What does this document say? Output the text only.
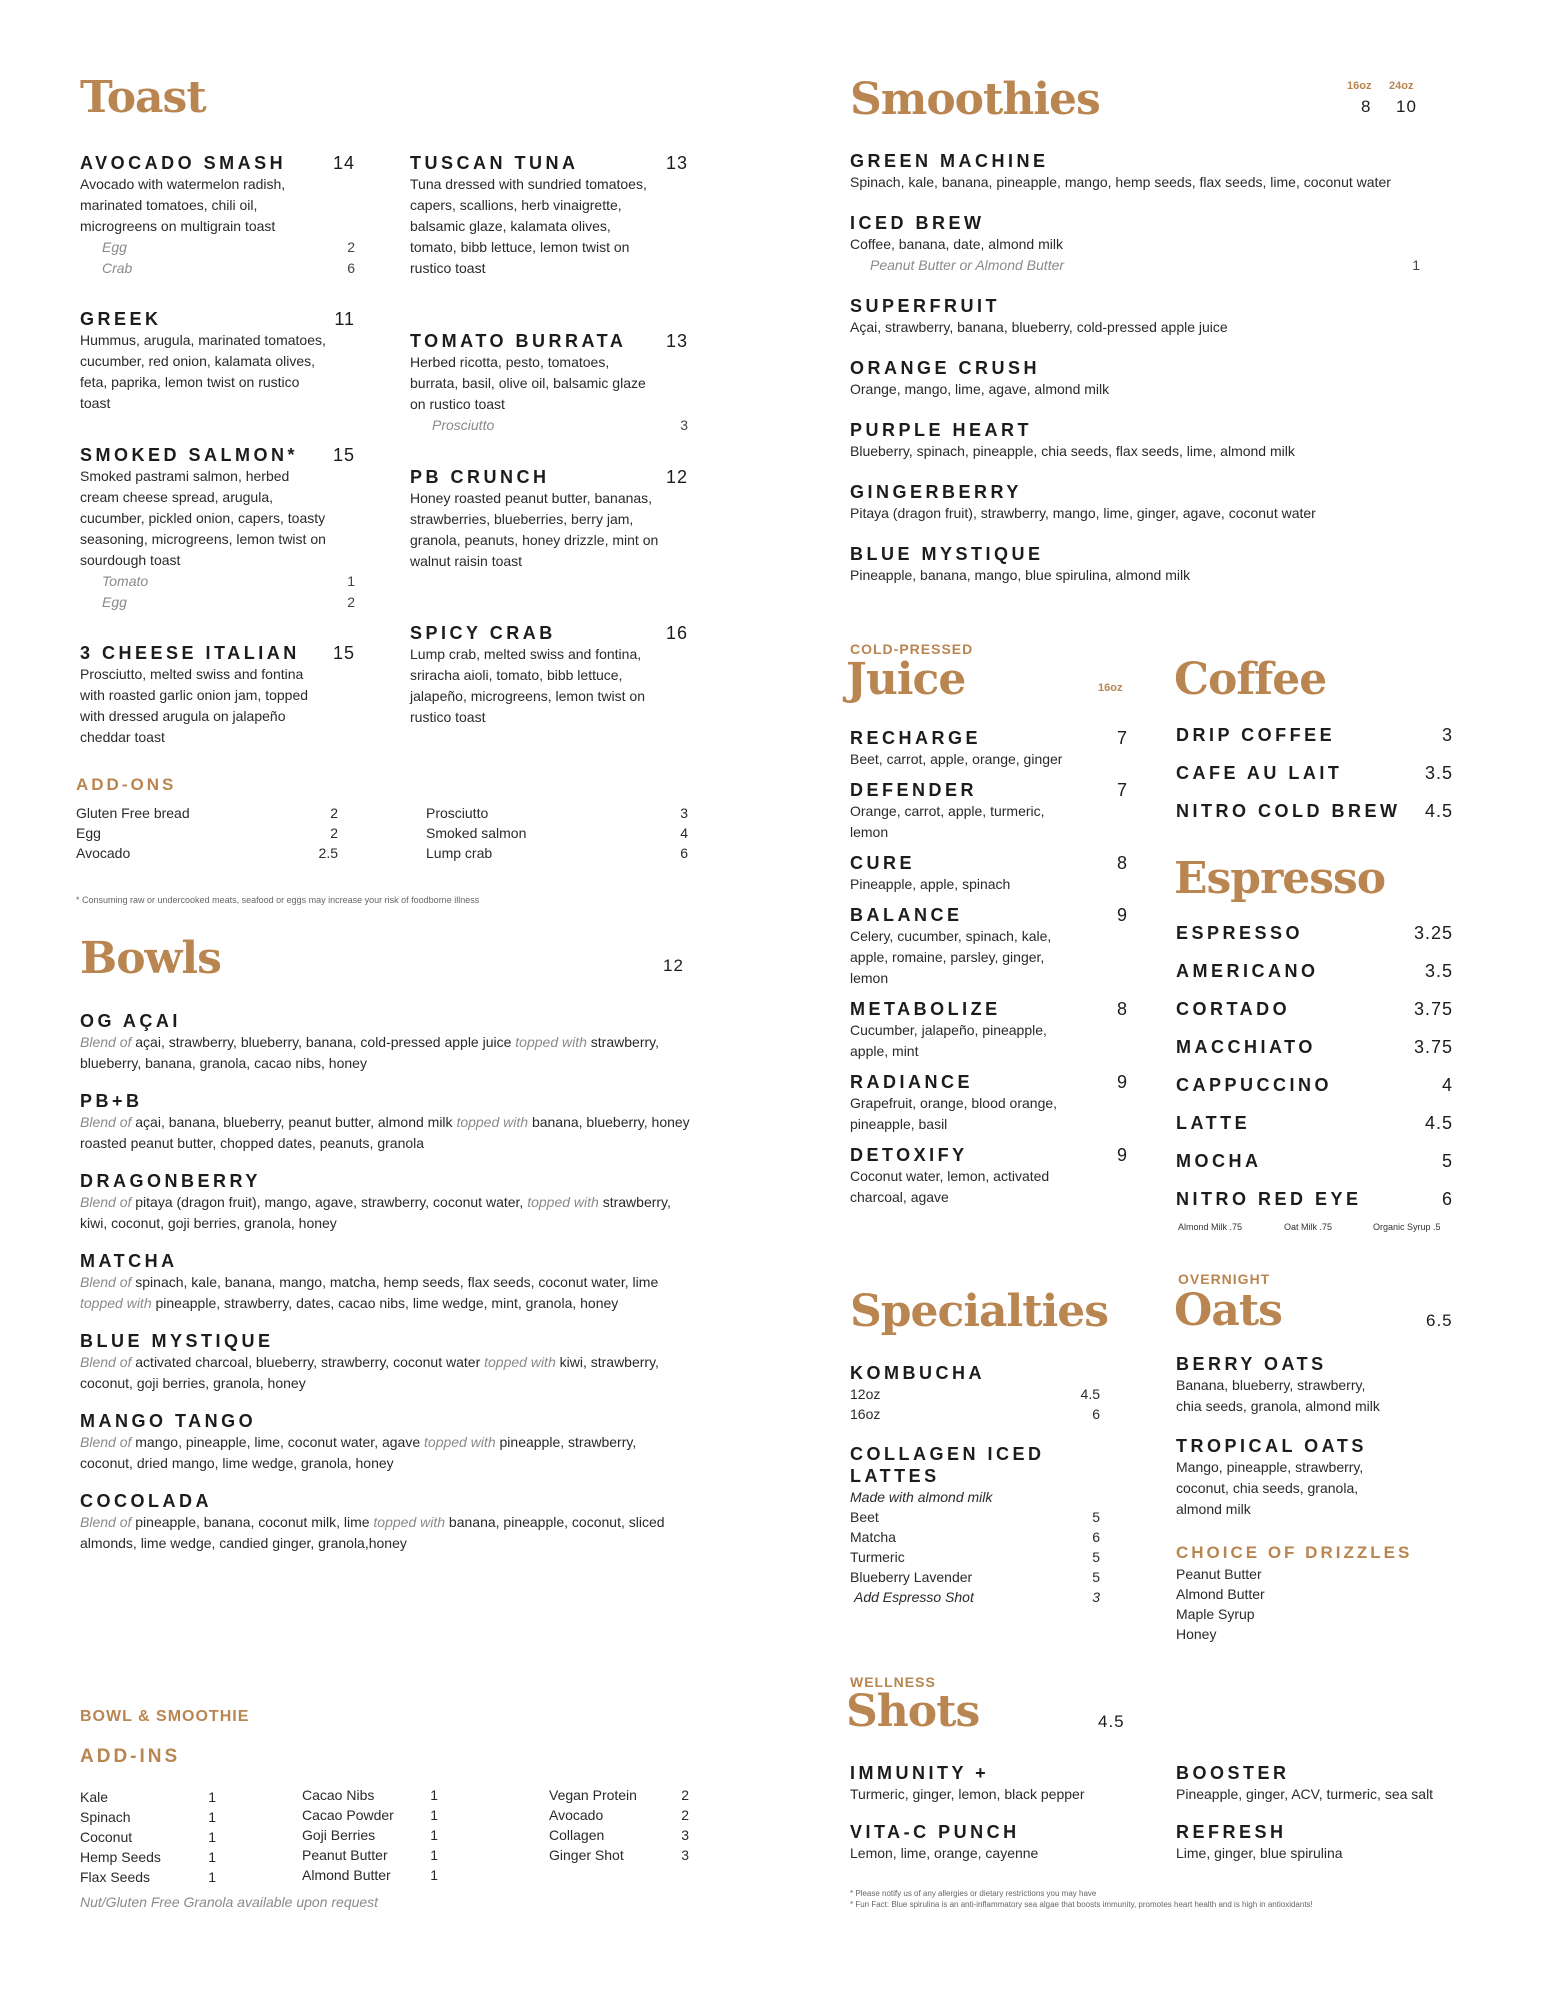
Toast
AVOCADO SMASH	14
Avocado with watermelon radish, marinated tomatoes, chili oil, microgreens on multigrain toast
Egg	2
Crab	6
GREEK	11
Hummus, arugula, marinated tomatoes, cucumber, red onion, kalamata olives, feta, paprika, lemon twist on rustico toast
SMOKED SALMON*	15
Smoked pastrami salmon, herbed cream cheese spread, arugula, cucumber, pickled onion, capers, toasty seasoning, microgreens, lemon twist on sourdough toast
Tomato	1
Egg	2
3 CHEESE ITALIAN	15
Prosciutto, melted swiss and fontina with roasted garlic onion jam, topped with dressed arugula on jalapeño cheddar toast
TUSCAN TUNA	13
Tuna dressed with sundried tomatoes, capers, scallions, herb vinaigrette, balsamic glaze, kalamata olives, tomato, bibb lettuce, lemon twist on rustico toast
TOMATO BURRATA	13
Herbed ricotta, pesto, tomatoes, burrata, basil, olive oil, balsamic glaze on rustico toast
Prosciutto	3
PB CRUNCH	12
Honey roasted peanut butter, bananas, strawberries, blueberries, berry jam, granola, peanuts, honey drizzle, mint on walnut raisin toast
SPICY CRAB	16
Lump crab, melted swiss and fontina, sriracha aioli, tomato, bibb lettuce, jalapeño, microgreens, lemon twist on rustico toast
ADD-ONS
Gluten Free bread	2
Egg	2
Avocado	2.5
Prosciutto	3
Smoked salmon	4
Lump crab	6
* Consuming raw or undercooked meats, seafood or eggs may increase your risk of foodborne illness
Bowls	12
OG AÇAI
Blend of açai, strawberry, blueberry, banana, cold-pressed apple juice topped with strawberry, blueberry, banana, granola, cacao nibs, honey
PB+B
Blend of açai, banana, blueberry, peanut butter, almond milk topped with banana, blueberry, honey roasted peanut butter, chopped dates, peanuts, granola
DRAGONBERRY
Blend of pitaya (dragon fruit), mango, agave, strawberry, coconut water, topped with strawberry, kiwi, coconut, goji berries, granola, honey
MATCHA
Blend of spinach, kale, banana, mango, matcha, hemp seeds, flax seeds, coconut water, lime topped with pineapple, strawberry, dates, cacao nibs, lime wedge, mint, granola, honey
BLUE MYSTIQUE
Blend of activated charcoal, blueberry, strawberry, coconut water topped with kiwi, strawberry, coconut, goji berries, granola, honey
MANGO TANGO
Blend of mango, pineapple, lime, coconut water, agave topped with pineapple, strawberry, coconut, dried mango, lime wedge, granola, honey
COCOLADA
Blend of pineapple, banana, coconut milk, lime topped with banana, pineapple, coconut, sliced almonds, lime wedge, candied ginger, granola,honey
BOWL & SMOOTHIE
ADD-INS
Kale	1
Spinach	1
Coconut	1
Hemp Seeds	1
Flax Seeds	1
Cacao Nibs	1
Cacao Powder	1
Goji Berries	1
Peanut Butter	1
Almond Butter	1
Vegan Protein	2
Avocado	2
Collagen	3
Ginger Shot	3
Nut/Gluten Free Granola available upon request
Smoothies	16oz 24oz
8 10
GREEN MACHINE
Spinach, kale, banana, pineapple, mango, hemp seeds, flax seeds, lime, coconut water
ICED BREW
Coffee, banana, date, almond milk
Peanut Butter or Almond Butter	1
SUPERFRUIT
Açai, strawberry, banana, blueberry, cold-pressed apple juice
ORANGE CRUSH
Orange, mango, lime, agave, almond milk
PURPLE HEART
Blueberry, spinach, pineapple, chia seeds, flax seeds, lime, almond milk
GINGERBERRY
Pitaya (dragon fruit), strawberry, mango, lime, ginger, agave, coconut water
BLUE MYSTIQUE
Pineapple, banana, mango, blue spirulina, almond milk
COLD-PRESSED
Juice	16oz
RECHARGE	7
Beet, carrot, apple, orange, ginger
DEFENDER	7
Orange, carrot, apple, turmeric, lemon
CURE	8
Pineapple, apple, spinach
BALANCE	9
Celery, cucumber, spinach, kale, apple, romaine, parsley, ginger, lemon
METABOLIZE	8
Cucumber, jalapeño, pineapple, apple, mint
RADIANCE	9
Grapefruit, orange, blood orange, pineapple, basil
DETOXIFY	9
Coconut water, lemon, activated charcoal, agave
Coffee
DRIP COFFEE	3
CAFE AU LAIT	3.5
NITRO COLD BREW	4.5
Espresso
ESPRESSO	3.25
AMERICANO	3.5
CORTADO	3.75
MACCHIATO	3.75
CAPPUCCINO	4
LATTE	4.5
MOCHA	5
NITRO RED EYE	6
Almond Milk .75	Oat Milk .75	Organic Syrup .5
Specialties
KOMBUCHA
12oz	4.5
16oz	6
COLLAGEN ICED
LATTES
Made with almond milk
Beet	5
Matcha	6
Turmeric	5
Blueberry Lavender	5
Add Espresso Shot	3
OVERNIGHT
Oats	6.5
BERRY OATS
Banana, blueberry, strawberry, chia seeds, granola, almond milk
TROPICAL OATS
Mango, pineapple, strawberry, coconut, chia seeds, granola, almond milk
CHOICE OF DRIZZLES
Peanut Butter
Almond Butter
Maple Syrup
Honey
WELLNESS
Shots	4.5
IMMUNITY +
Turmeric, ginger, lemon, black pepper
BOOSTER
Pineapple, ginger, ACV, turmeric, sea salt
VITA-C PUNCH
Lemon, lime, orange, cayenne
REFRESH
Lime, ginger, blue spirulina
* Please notify us of any allergies or dietary restrictions you may have
* Fun Fact: Blue spirulina is an anti-inflammatory sea algae that boosts immunity, promotes heart health and is high in antioxidants!
